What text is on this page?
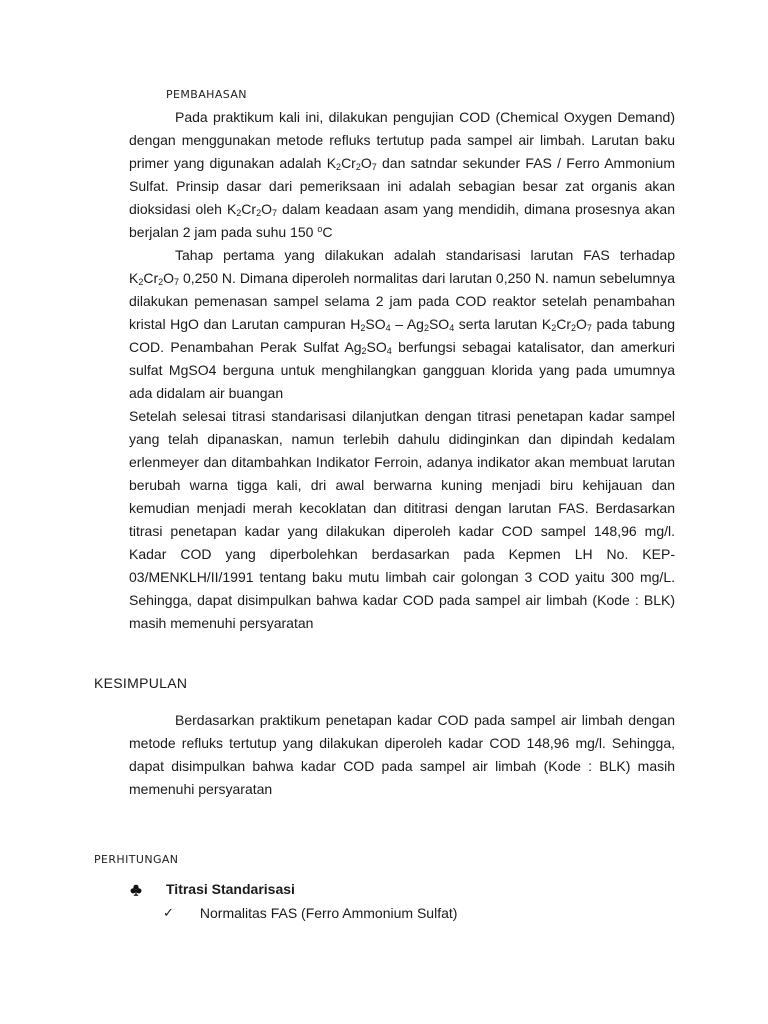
PEMBAHASAN

Pada praktikum kali ini, dilakukan pengujian COD (Chemical Oxygen Demand) dengan menggunakan metode refluks tertutup pada sampel air limbah. Larutan baku primer yang digunakan adalah $K_2Cr_2O_7$ dan satndar sekunder FAS / Ferro Ammonium Sulfat. Prinsip dasar dari pemeriksaan ini adalah sebagian besar zat organis akan dioksidasi oleh $K_2Cr_2O_7$ dalam keadaan asam yang mendidih, dimana prosesnya akan berjalan 2 jam pada suhu 150 $^o$C

Tahap pertama yang dilakukan adalah standarisasi larutan FAS terhadap $K_2Cr_2O_7$ 0,250 N. Dimana diperoleh normalitas dari larutan 0,250 N. namun sebelumnya dilakukan pemenasan sampel selama 2 jam pada COD reaktor setelah penambahan kristal HgO dan Larutan campuran $H_2SO_4 - Ag_2SO_4$ serta larutan $K_2Cr_2O_7$ pada tabung COD. Penambahan Perak Sulfat $Ag_2SO_4$ berfungsi sebagai katalisator, dan amerkuri sulfat MgSO4 berguna untuk menghilangkan gangguan klorida yang pada umumnya ada didalam air buangan

Setelah selesai titrasi standarisasi dilanjutkan dengan titrasi penetapan kadar sampel yang telah dipanaskan, namun terlebih dahulu didinginkan dan dipindah kedalam erlenmeyer dan ditambahkan Indikator Ferroin, adanya indikator akan membuat larutan berubah warna tigga kali, dri awal berwarna kuning menjadi biru kehijauan dan kemudian menjadi merah kecoklatan dan dititrasi dengan larutan FAS. Berdasarkan titrasi penetapan kadar yang dilakukan diperoleh kadar COD sampel 148,96 mg/l. Kadar COD yang diperbolehkan berdasarkan pada Kepmen LH No. KEP-03/MENKLH/II/1991 tentang baku mutu limbah cair golongan 3 COD yaitu 300 mg/L. Sehingga, dapat disimpulkan bahwa kadar COD pada sampel air limbah (Kode : BLK) masih memenuhi persyaratan

KESIMPULAN

Berdasarkan praktikum penetapan kadar COD pada sampel air limbah dengan metode refluks tertutup yang dilakukan diperoleh kadar COD 148,96 mg/l. Sehingga, dapat disimpulkan bahwa kadar COD pada sampel air limbah (Kode : BLK) masih memenuhi persyaratan

PERHITUNGAN
Titrasi Standarisasi
✓ Normalitas FAS (Ferro Ammonium Sulfat)
